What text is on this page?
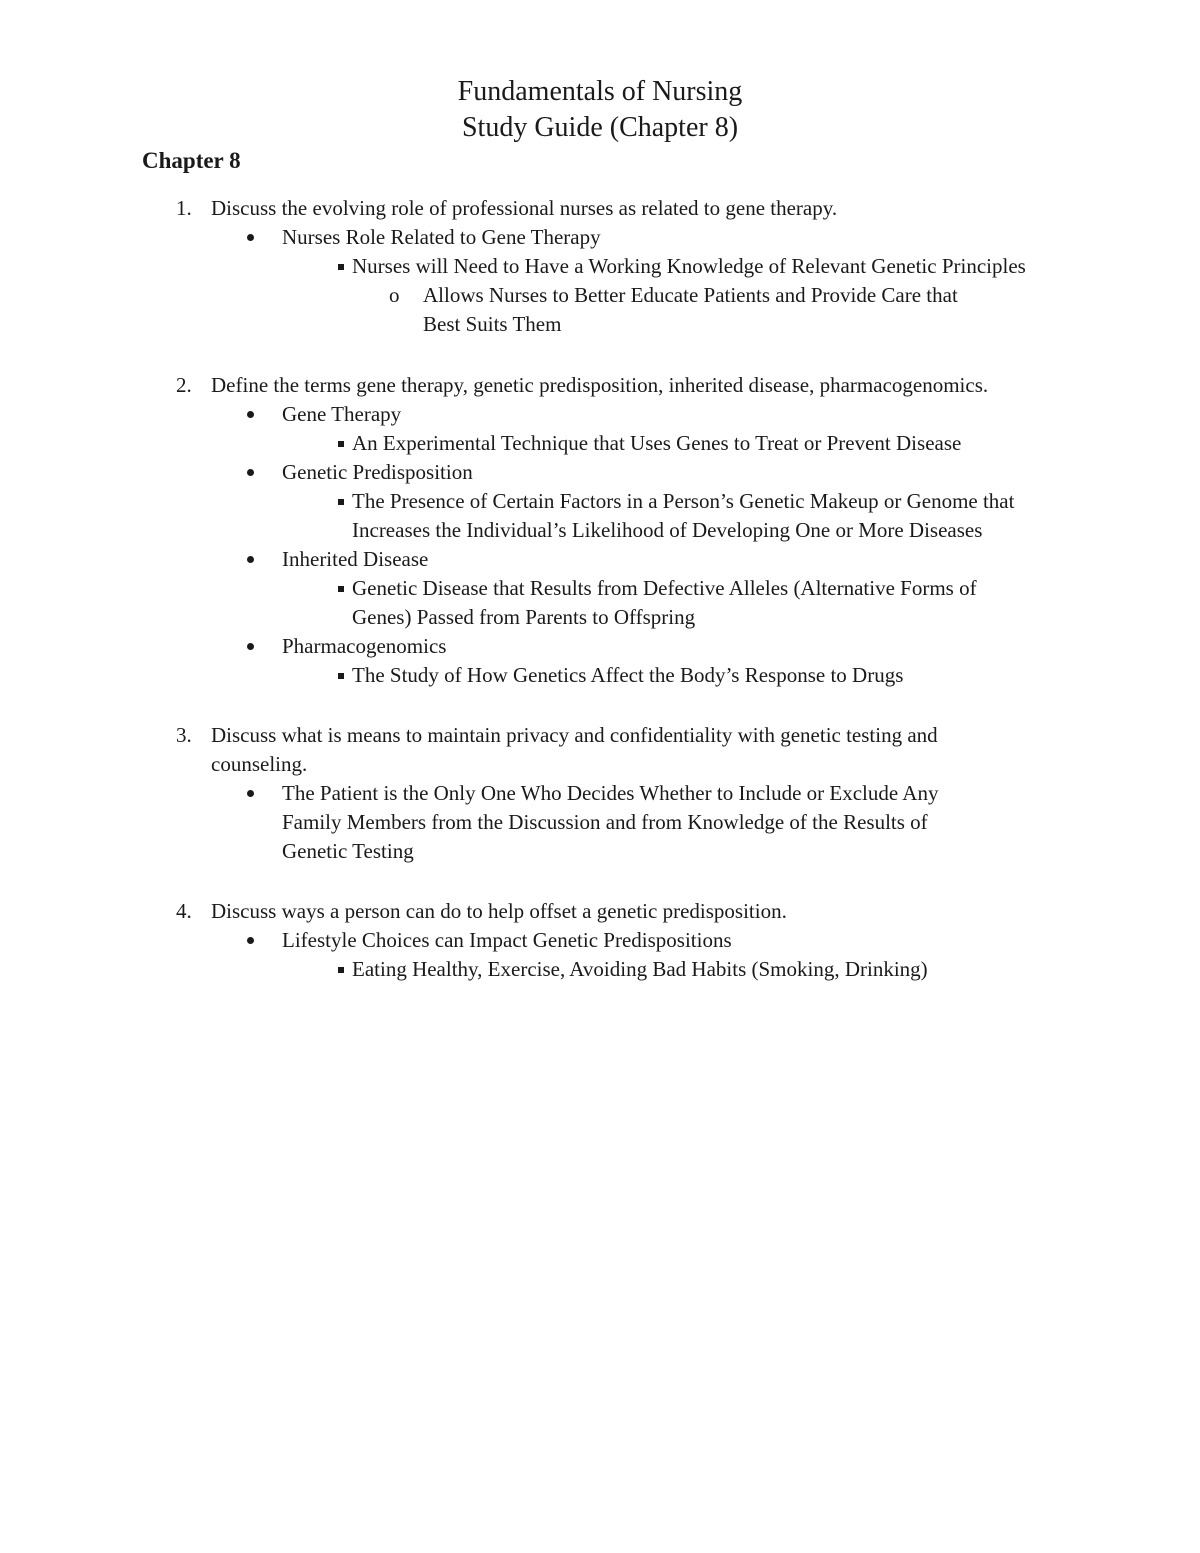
Fundamentals of Nursing
Study Guide (Chapter 8)
Chapter 8
1. Discuss the evolving role of professional nurses as related to gene therapy.
Nurses Role Related to Gene Therapy
Nurses will Need to Have a Working Knowledge of Relevant Genetic Principles
o Allows Nurses to Better Educate Patients and Provide Care that
Best Suits Them
2. Define the terms gene therapy, genetic predisposition, inherited disease, pharmacogenomics.
Gene Therapy
An Experimental Technique that Uses Genes to Treat or Prevent Disease
Genetic Predisposition
The Presence of Certain Factors in a Person’s Genetic Makeup or Genome that
Increases the Individual’s Likelihood of Developing One or More Diseases
Inherited Disease
Genetic Disease that Results from Defective Alleles (Alternative Forms of
Genes) Passed from Parents to Offspring
Pharmacogenomics
The Study of How Genetics Affect the Body’s Response to Drugs
3. Discuss what is means to maintain privacy and confidentiality with genetic testing and
counseling.
The Patient is the Only One Who Decides Whether to Include or Exclude Any
Family Members from the Discussion and from Knowledge of the Results of
Genetic Testing
4. Discuss ways a person can do to help offset a genetic predisposition.
Lifestyle Choices can Impact Genetic Predispositions
Eating Healthy, Exercise, Avoiding Bad Habits (Smoking, Drinking)
